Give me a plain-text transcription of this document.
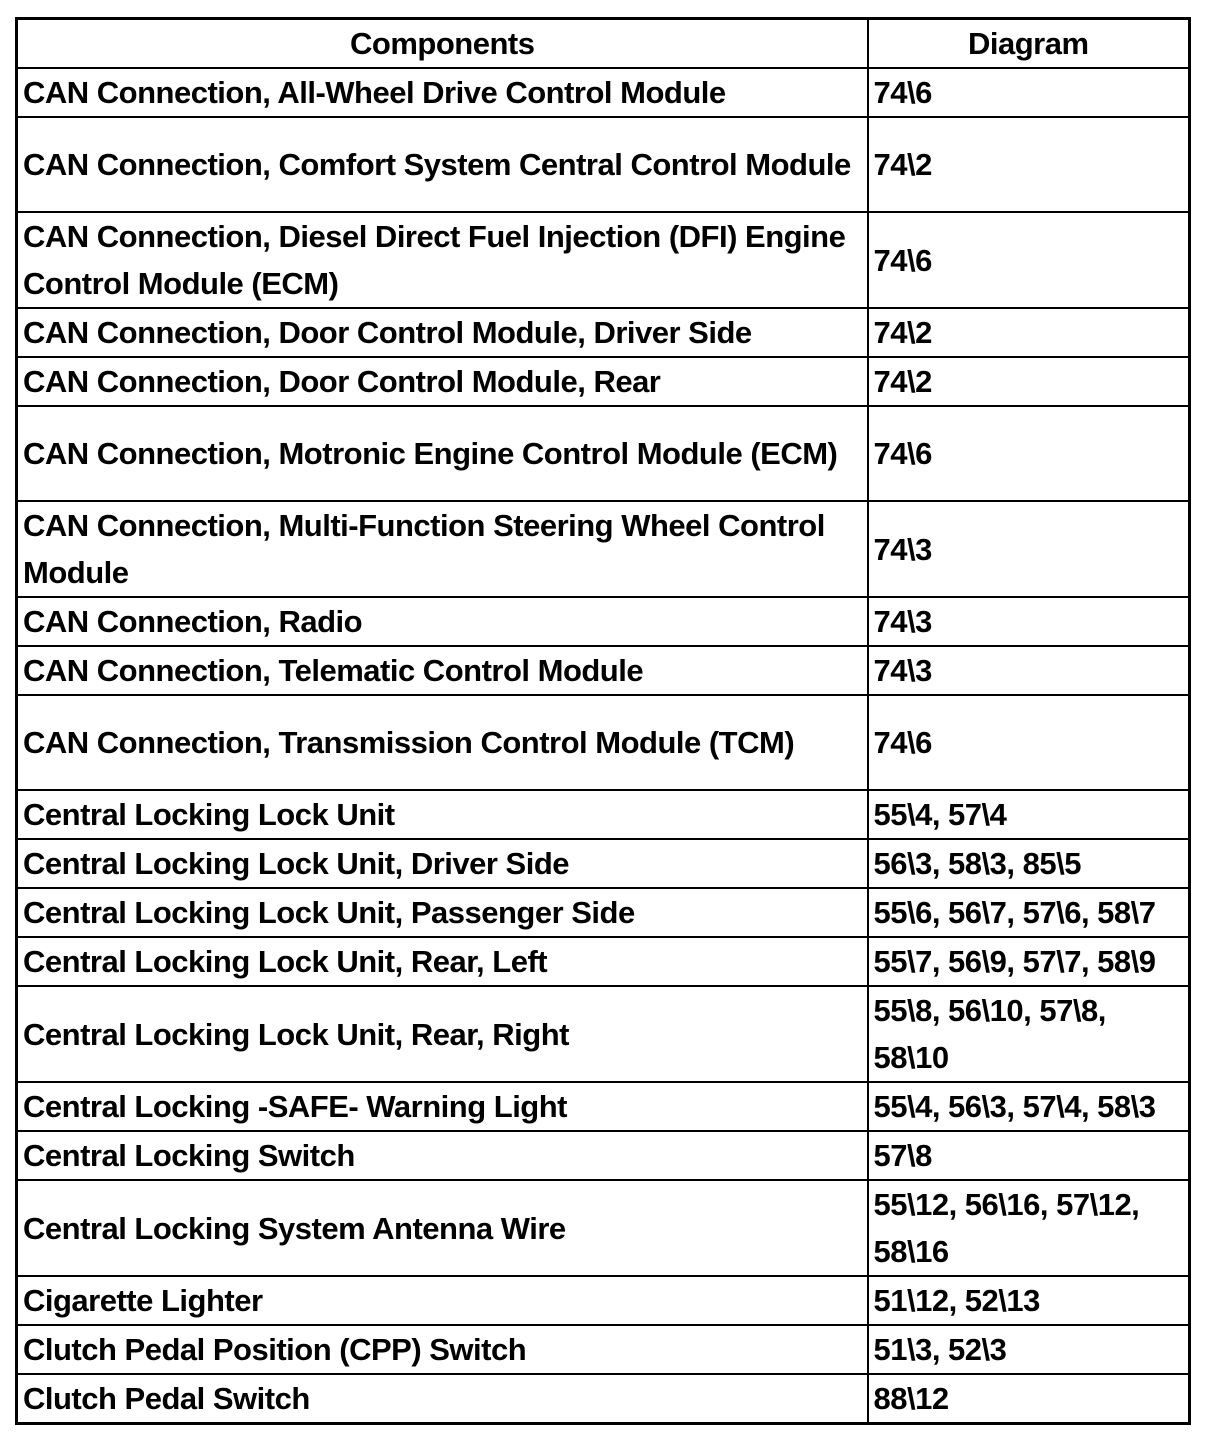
Components	Diagram
CAN Connection, All-Wheel Drive Control Module	74\6
CAN Connection, Comfort System Central Control Module	74\2
CAN Connection, Diesel Direct Fuel Injection (DFI) Engine Control Module (ECM)	74\6
CAN Connection, Door Control Module, Driver Side	74\2
CAN Connection, Door Control Module, Rear	74\2
CAN Connection, Motronic Engine Control Module (ECM)	74\6
CAN Connection, Multi-Function Steering Wheel Control Module	74\3
CAN Connection, Radio	74\3
CAN Connection, Telematic Control Module	74\3
CAN Connection, Transmission Control Module (TCM)	74\6
Central Locking Lock Unit	55\4, 57\4
Central Locking Lock Unit, Driver Side	56\3, 58\3, 85\5
Central Locking Lock Unit, Passenger Side	55\6, 56\7, 57\6, 58\7
Central Locking Lock Unit, Rear, Left	55\7, 56\9, 57\7, 58\9
Central Locking Lock Unit, Rear, Right	55\8, 56\10, 57\8, 58\10
Central Locking -SAFE- Warning Light	55\4, 56\3, 57\4, 58\3
Central Locking Switch	57\8
Central Locking System Antenna Wire	55\12, 56\16, 57\12, 58\16
Cigarette Lighter	51\12, 52\13
Clutch Pedal Position (CPP) Switch	51\3, 52\3
Clutch Pedal Switch	88\12
